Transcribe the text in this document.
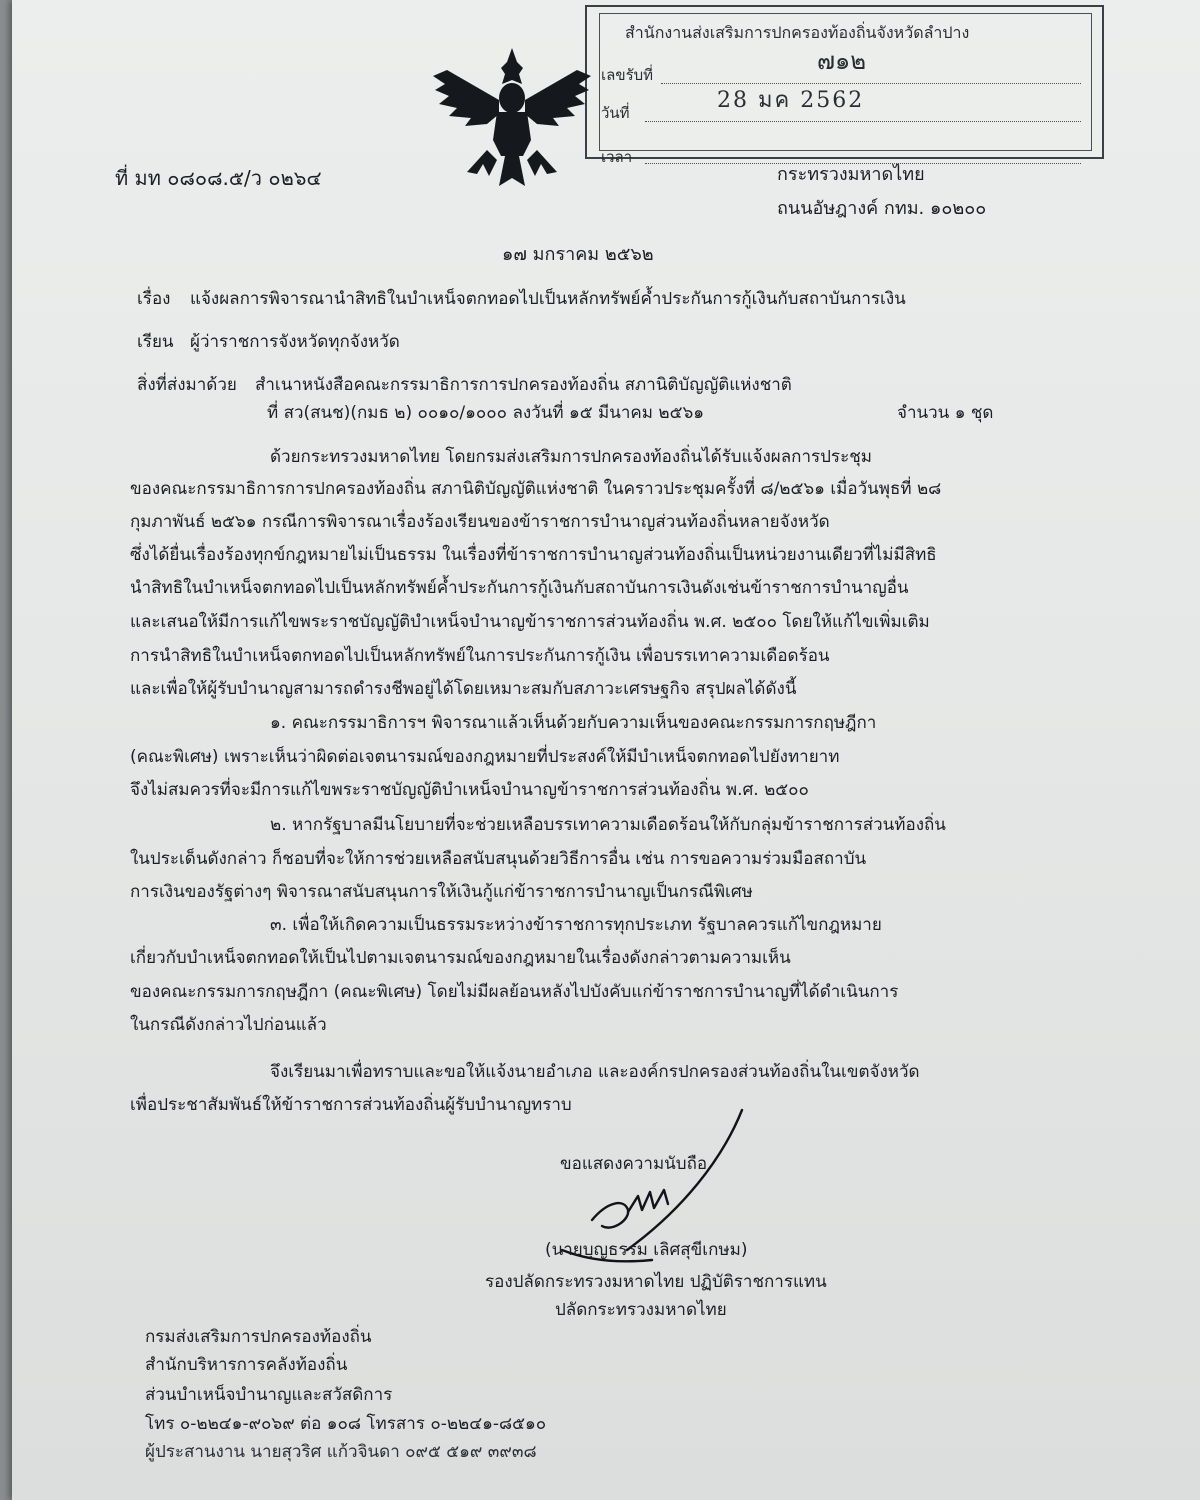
สำนักงานส่งเสริมการปกครองท้องถิ่นจังหวัดลำปาง
เลขรับที่	๗๑๒
วันที่	28 มค 2562
เวลา
ที่ มท ๐๘๐๘.๕/ว ๐๒๖๔	กระทรวงมหาดไทย
ถนนอัษฎางค์ กทม. ๑๐๒๐๐
๑๗ มกราคม ๒๕๖๒
เรื่อง แจ้งผลการพิจารณานำสิทธิในบำเหน็จตกทอดไปเป็นหลักทรัพย์ค้ำประกันการกู้เงินกับสถาบันการเงิน
เรียน ผู้ว่าราชการจังหวัดทุกจังหวัด
สิ่งที่ส่งมาด้วย สำเนาหนังสือคณะกรรมาธิการการปกครองท้องถิ่น สภานิติบัญญัติแห่งชาติ
ที่ สว(สนช)(กมธ ๒) ๐๐๑๐/๑๐๐๐ ลงวันที่ ๑๕ มีนาคม ๒๕๖๑	จำนวน ๑ ชุด
ด้วยกระทรวงมหาดไทย โดยกรมส่งเสริมการปกครองท้องถิ่นได้รับแจ้งผลการประชุม
ของคณะกรรมาธิการการปกครองท้องถิ่น สภานิติบัญญัติแห่งชาติ ในคราวประชุมครั้งที่ ๘/๒๕๖๑ เมื่อวันพุธที่ ๒๘
กุมภาพันธ์ ๒๕๖๑ กรณีการพิจารณาเรื่องร้องเรียนของข้าราชการบำนาญส่วนท้องถิ่นหลายจังหวัด
ซึ่งได้ยื่นเรื่องร้องทุกข์กฎหมายไม่เป็นธรรม ในเรื่องที่ข้าราชการบำนาญส่วนท้องถิ่นเป็นหน่วยงานเดียวที่ไม่มีสิทธิ
นำสิทธิในบำเหน็จตกทอดไปเป็นหลักทรัพย์ค้ำประกันการกู้เงินกับสถาบันการเงินดังเช่นข้าราชการบำนาญอื่น
และเสนอให้มีการแก้ไขพระราชบัญญัติบำเหน็จบำนาญข้าราชการส่วนท้องถิ่น พ.ศ. ๒๕๐๐ โดยให้แก้ไขเพิ่มเติม
การนำสิทธิในบำเหน็จตกทอดไปเป็นหลักทรัพย์ในการประกันการกู้เงิน เพื่อบรรเทาความเดือดร้อน
และเพื่อให้ผู้รับบำนาญสามารถดำรงชีพอยู่ได้โดยเหมาะสมกับสภาวะเศรษฐกิจ สรุปผลได้ดังนี้
๑. คณะกรรมาธิการฯ พิจารณาแล้วเห็นด้วยกับความเห็นของคณะกรรมการกฤษฎีกา
(คณะพิเศษ) เพราะเห็นว่าผิดต่อเจตนารมณ์ของกฎหมายที่ประสงค์ให้มีบำเหน็จตกทอดไปยังทายาท
จึงไม่สมควรที่จะมีการแก้ไขพระราชบัญญัติบำเหน็จบำนาญข้าราชการส่วนท้องถิ่น พ.ศ. ๒๕๐๐
๒. หากรัฐบาลมีนโยบายที่จะช่วยเหลือบรรเทาความเดือดร้อนให้กับกลุ่มข้าราชการส่วนท้องถิ่น
ในประเด็นดังกล่าว ก็ชอบที่จะให้การช่วยเหลือสนับสนุนด้วยวิธีการอื่น เช่น การขอความร่วมมือสถาบัน
การเงินของรัฐต่างๆ พิจารณาสนับสนุนการให้เงินกู้แก่ข้าราชการบำนาญเป็นกรณีพิเศษ
๓. เพื่อให้เกิดความเป็นธรรมระหว่างข้าราชการทุกประเภท รัฐบาลควรแก้ไขกฎหมาย
เกี่ยวกับบำเหน็จตกทอดให้เป็นไปตามเจตนารมณ์ของกฎหมายในเรื่องดังกล่าวตามความเห็น
ของคณะกรรมการกฤษฎีกา (คณะพิเศษ) โดยไม่มีผลย้อนหลังไปบังคับแก่ข้าราชการบำนาญที่ได้ดำเนินการ
ในกรณีดังกล่าวไปก่อนแล้ว
จึงเรียนมาเพื่อทราบและขอให้แจ้งนายอำเภอ และองค์กรปกครองส่วนท้องถิ่นในเขตจังหวัด
เพื่อประชาสัมพันธ์ให้ข้าราชการส่วนท้องถิ่นผู้รับบำนาญทราบ
ขอแสดงความนับถือ
(นายบุญธรรม เลิศสุขีเกษม)
รองปลัดกระทรวงมหาดไทย ปฏิบัติราชการแทน
ปลัดกระทรวงมหาดไทย
กรมส่งเสริมการปกครองท้องถิ่น
สำนักบริหารการคลังท้องถิ่น
ส่วนบำเหน็จบำนาญและสวัสดิการ
โทร ๐-๒๒๔๑-๙๐๖๙ ต่อ ๑๐๘ โทรสาร ๐-๒๒๔๑-๘๕๑๐
ผู้ประสานงาน นายสุวริศ แก้วจินดา ๐๙๕ ๕๑๙ ๓๙๓๘
